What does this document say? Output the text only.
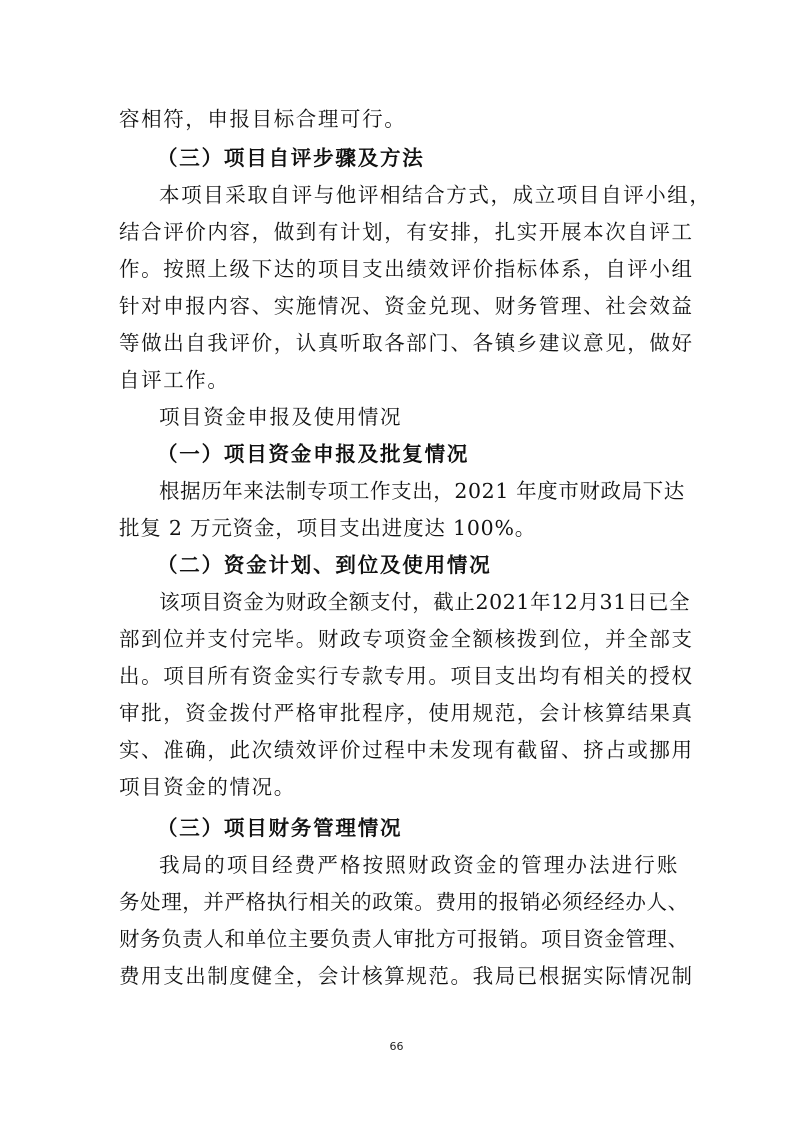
容相符，申报目标合理可行。
（三）项目自评步骤及方法
本项目采取自评与他评相结合方式，成立项目自评小组，
结合评价内容，做到有计划，有安排，扎实开展本次自评工
作。按照上级下达的项目支出绩效评价指标体系，自评小组
针对申报内容、实施情况、资金兑现、财务管理、社会效益
等做出自我评价，认真听取各部门、各镇乡建议意见，做好
自评工作。
项目资金申报及使用情况
（一）项目资金申报及批复情况
根据历年来法制专项工作支出，2021 年度市财政局下达
批复 2 万元资金，项目支出进度达 100%。
（二）资金计划、到位及使用情况
该项目资金为财政全额支付，截止2021年12月31日已全
部到位并支付完毕。财政专项资金全额核拨到位，并全部支
出。项目所有资金实行专款专用。项目支出均有相关的授权
审批，资金拨付严格审批程序，使用规范，会计核算结果真
实、准确，此次绩效评价过程中未发现有截留、挤占或挪用
项目资金的情况。
（三）项目财务管理情况
我局的项目经费严格按照财政资金的管理办法进行账
务处理，并严格执行相关的政策。费用的报销必须经经办人、
财务负责人和单位主要负责人审批方可报销。项目资金管理、
费用支出制度健全，会计核算规范。我局已根据实际情况制
66
